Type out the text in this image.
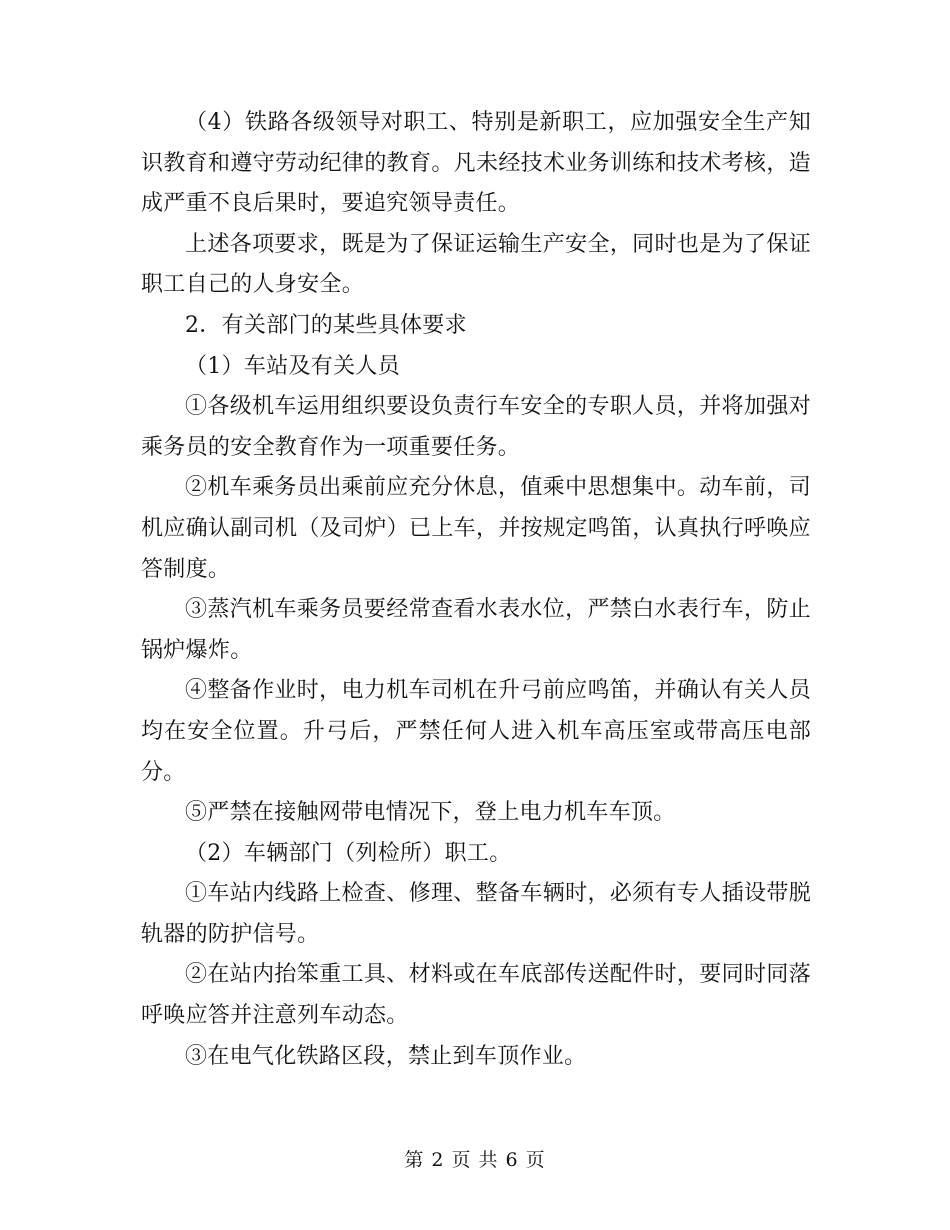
（4）铁路各级领导对职工、特别是新职工，应加强安全生产知识教育和遵守劳动纪律的教育。凡未经技术业务训练和技术考核，造成严重不良后果时，要追究领导责任。

上述各项要求，既是为了保证运输生产安全，同时也是为了保证职工自己的人身安全。

2．有关部门的某些具体要求

（1）车站及有关人员

①各级机车运用组织要设负责行车安全的专职人员，并将加强对乘务员的安全教育作为一项重要任务。

②机车乘务员出乘前应充分休息，值乘中思想集中。动车前，司机应确认副司机（及司炉）已上车，并按规定鸣笛，认真执行呼唤应答制度。

③蒸汽机车乘务员要经常查看水表水位，严禁白水表行车，防止锅炉爆炸。

④整备作业时，电力机车司机在升弓前应鸣笛，并确认有关人员均在安全位置。升弓后，严禁任何人进入机车高压室或带高压电部分。

⑤严禁在接触网带电情况下，登上电力机车车顶。

（2）车辆部门（列检所）职工。

①车站内线路上检查、修理、整备车辆时，必须有专人插设带脱轨器的防护信号。

②在站内抬笨重工具、材料或在车底部传送配件时，要同时同落呼唤应答并注意列车动态。

③在电气化铁路区段，禁止到车顶作业。

第 2 页 共 6 页
